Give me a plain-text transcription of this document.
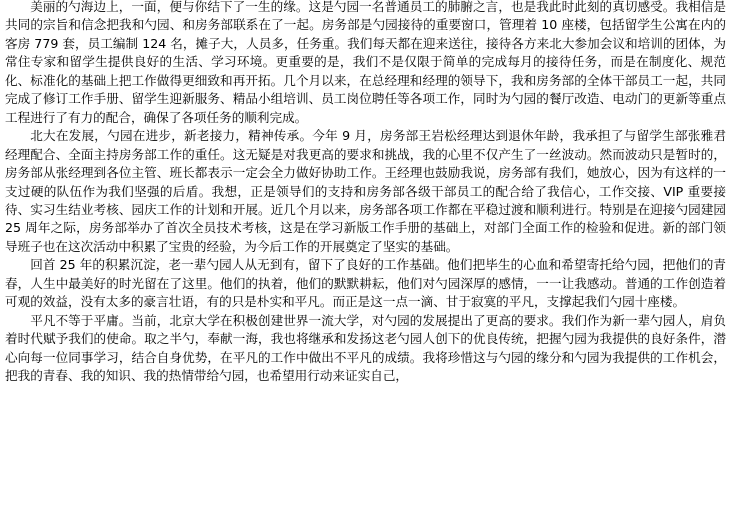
美丽的勺海边上，一面，便与你结下了一生的缘。这是勺园一名普通员工的肺腑之言，也是我此时此刻的真切感受。我相信是共同的宗旨和信念把我和勺园、和房务部联系在了一起。房务部是勺园接待的重要窗口，管理着 10 座楼，包括留学生公寓在内的客房 779 套，员工编制 124 名，摊子大，人员多，任务重。我们每天都在迎来送往，接待各方来北大参加会议和培训的团体，为常住专家和留学生提供良好的生活、学习环境。更重要的是，我们不是仅限于简单的完成每月的接待任务，而是在制度化、规范化、标准化的基础上把工作做得更细致和再开拓。几个月以来，在总经理和经理的领导下，我和房务部的全体干部员工一起，共同完成了修订工作手册、留学生迎新服务、精品小组培训、员工岗位聘任等各项工作，同时为勺园的餐厅改造、电动门的更新等重点工程进行了有力的配合，确保了各项任务的顺利完成。

北大在发展，勺园在进步，新老接力，精神传承。今年 9 月，房务部王岩松经理达到退休年龄，我承担了与留学生部张雅君经理配合、全面主持房务部工作的重任。这无疑是对我更高的要求和挑战，我的心里不仅产生了一丝波动。然而波动只是暂时的，房务部从张经理到各位主管、班长都表示一定会全力做好协助工作。王经理也鼓励我说，房务部有我们，她放心，因为有这样的一支过硬的队伍作为我们坚强的后盾。我想，正是领导们的支持和房务部各级干部员工的配合给了我信心，工作交接、VIP 重要接待、实习生结业考核、园庆工作的计划和开展。近几个月以来，房务部各项工作都在平稳过渡和顺利进行。特别是在迎接勺园建园 25 周年之际，房务部举办了首次全员技术考核，这是在学习新版工作手册的基础上，对部门全面工作的检验和促进。新的部门领导班子也在这次活动中积累了宝贵的经验，为今后工作的开展奠定了坚实的基础。

回首 25 年的积累沉淀，老一辈勺园人从无到有，留下了良好的工作基础。他们把毕生的心血和希望寄托给勺园，把他们的青春，人生中最美好的时光留在了这里。他们的执着，他们的默默耕耘，他们对勺园深厚的感情，一一让我感动。普通的工作创造着可观的效益，没有太多的豪言壮语，有的只是朴实和平凡。而正是这一点一滴、甘于寂寞的平凡，支撑起我们勺园十座楼。

平凡不等于平庸。当前，北京大学在积极创建世界一流大学，对勺园的发展提出了更高的要求。我们作为新一辈勺园人，肩负着时代赋予我们的使命。取之半勺，奉献一海，我也将继承和发扬这老勺园人创下的优良传统，把握勺园为我提供的良好条件，潜心向每一位同事学习，结合自身优势，在平凡的工作中做出不平凡的成绩。我将珍惜这与勺园的缘分和勺园为我提供的工作机会，把我的青春、我的知识、我的热情带给勺园，也希望用行动来证实自己，
